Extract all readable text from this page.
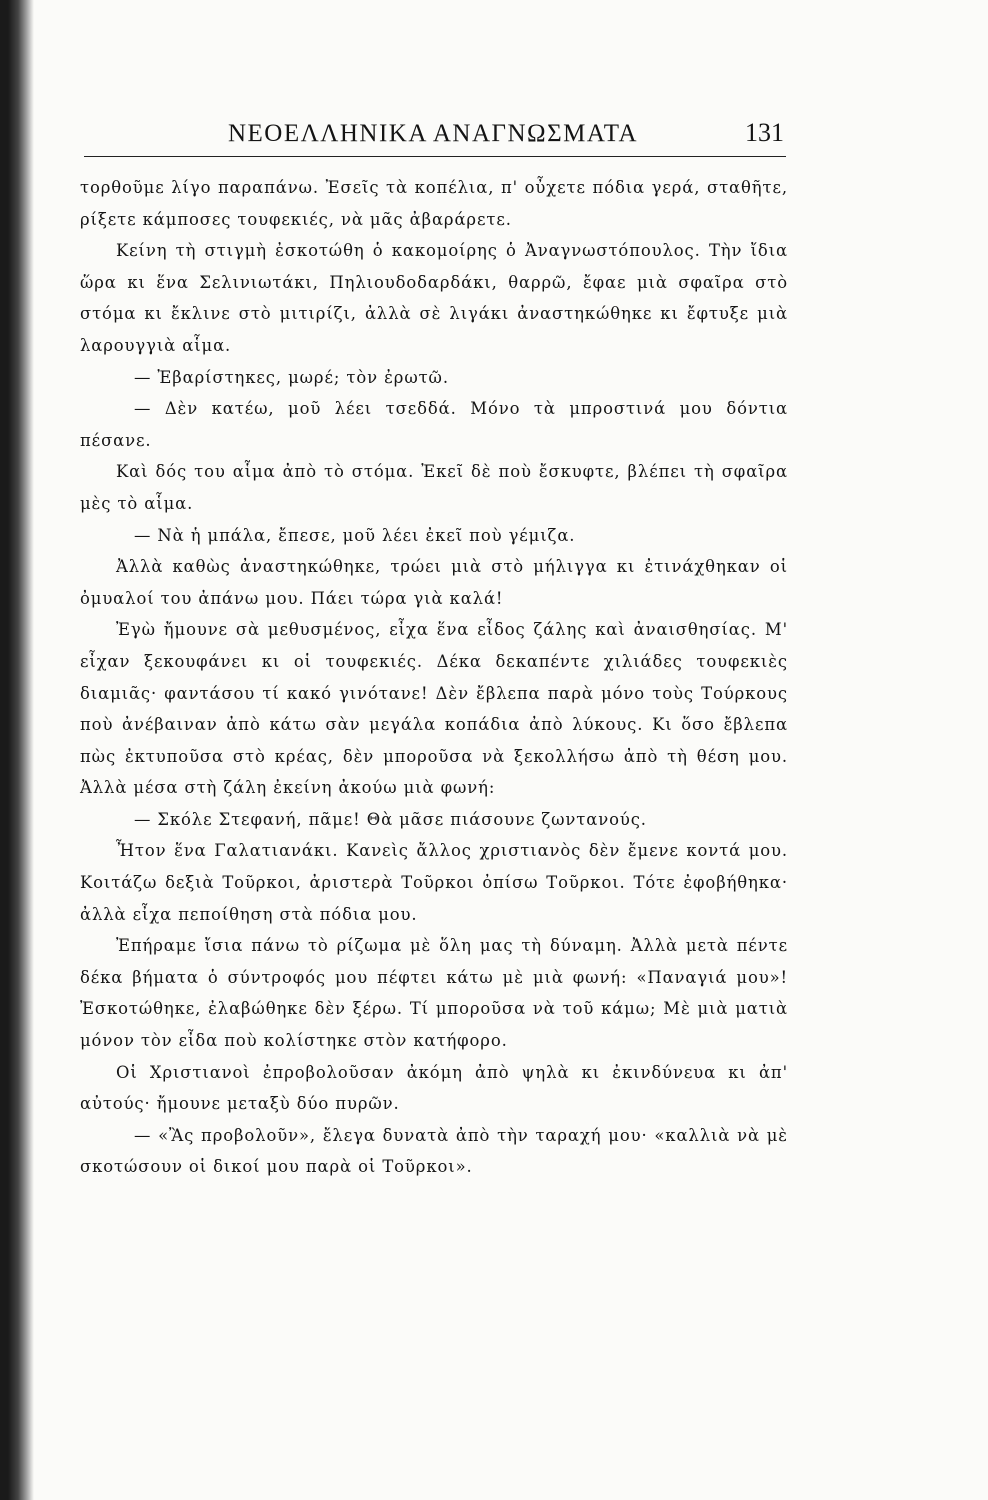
ΝΕΟΕΛΛΗΝΙΚΑ ΑΝΑΓΝΩΣΜΑΤΑ	131

τορθοῦμε λίγο παραπάνω. Ἐσεῖς τὰ κοπέλια, π' οὖχετε πόδια γερά, σταθῆτε, ρίξετε κάμποσες τουφεκιές, νὰ μᾶς ἀβαράρετε.

Κείνη τὴ στιγμὴ ἐσκοτώθη ὁ κακομοίρης ὁ Ἀναγνωστόπουλος. Τὴν ἴδια ὥρα κι ἕνα Σελινιωτάκι, Πηλιουδοδαρδάκι, θαρρῶ, ἔφαε μιὰ σφαῖρα στὸ στόμα κι ἔκλινε στὸ μιτιρίζι, ἀλλὰ σὲ λιγάκι ἀναστηκώθηκε κι ἔφτυξε μιὰ λαρουγγιὰ αἷμα.

— Ἐβαρίστηκες, μωρέ; τὸν ἐρωτῶ.

— Δὲν κατέω, μοῦ λέει τσεδδά. Μόνο τὰ μπροστινά μου δόντια πέσανε.

Καὶ δός του αἷμα ἀπὸ τὸ στόμα. Ἐκεῖ δὲ ποὺ ἔσκυφτε, βλέπει τὴ σφαῖρα μὲς τὸ αἷμα.

— Νὰ ἡ μπάλα, ἔπεσε, μοῦ λέει ἐκεῖ ποὺ γέμιζα.

Ἀλλὰ καθὼς ἀναστηκώθηκε, τρώει μιὰ στὸ μήλιγγα κι ἐτινάχθηκαν οἱ ὀμυαλοί του ἀπάνω μου. Πάει τώρα γιὰ καλά!

Ἐγὼ ἤμουνε σὰ μεθυσμένος, εἶχα ἕνα εἶδος ζάλης καὶ ἀναισθησίας. Μ' εἶχαν ξεκουφάνει κι οἱ τουφεκιές. Δέκα δεκαπέντε χιλιάδες τουφεκιὲς διαμιᾶς· φαντάσου τί κακό γινότανε! Δὲν ἔβλεπα παρὰ μόνο τοὺς Τούρκους ποὺ ἀνέβαιναν ἀπὸ κάτω σὰν μεγάλα κοπάδια ἀπὸ λύκους. Κι ὅσο ἔβλεπα πὼς ἐκτυποῦσα στὸ κρέας, δὲν μποροῦσα νὰ ξεκολλήσω ἀπὸ τὴ θέση μου. Ἀλλὰ μέσα στὴ ζάλη ἐκείνη ἀκούω μιὰ φωνή:

— Σκόλε Στεφανή, πᾶμε! Θὰ μᾶσε πιάσουνε ζωντανούς.

Ἦτον ἕνα Γαλατιανάκι. Κανεὶς ἄλλος χριστιανὸς δὲν ἔμενε κοντά μου. Κοιτάζω δεξιὰ Τοῦρκοι, ἀριστερὰ Τοῦρκοι ὀπίσω Τοῦρκοι. Τότε ἐφοβήθηκα· ἀλλὰ εἶχα πεποίθηση στὰ πόδια μου.

Ἐπήραμε ἴσια πάνω τὸ ρίζωμα μὲ ὅλη μας τὴ δύναμη. Ἀλλὰ μετὰ πέντε δέκα βήματα ὁ σύντροφός μου πέφτει κάτω μὲ μιὰ φωνή: «Παναγιά μου»! Ἐσκοτώθηκε, ἐλαβώθηκε δὲν ξέρω. Τί μποροῦσα νὰ τοῦ κάμω; Μὲ μιὰ ματιὰ μόνον τὸν εἶδα ποὺ κολίστηκε στὸν κατήφορο.

Οἱ Χριστιανοὶ ἐπροβολοῦσαν ἀκόμη ἀπὸ ψηλὰ κι ἐκινδύνευα κι ἀπ' αὐτούς· ἤμουνε μεταξὺ δύο πυρῶν.

— «Ἂς προβολοῦν», ἔλεγα δυνατὰ ἀπὸ τὴν ταραχή μου· «καλλιὰ νὰ μὲ σκοτώσουν οἱ δικοί μου παρὰ οἱ Τοῦρκοι».
